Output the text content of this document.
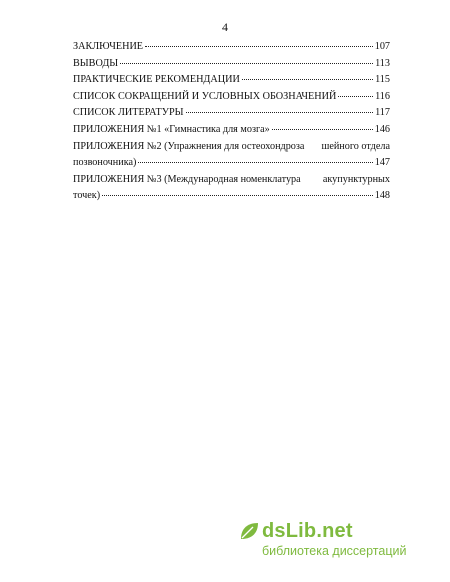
4
ЗАКЛЮЧЕНИЕ	107
ВЫВОДЫ	113
ПРАКТИЧЕСКИЕ РЕКОМЕНДАЦИИ	115
СПИСОК СОКРАЩЕНИЙ И УСЛОВНЫХ ОБОЗНАЧЕНИЙ	116
СПИСОК ЛИТЕРАТУРЫ	117
ПРИЛОЖЕНИЯ №1 «Гимнастика для мозга»	146
ПРИЛОЖЕНИЯ №2 (Упражнения для остеохондроза шейного отдела
позвоночника)	147
ПРИЛОЖЕНИЯ №3 (Международная номенклатура акупунктурных
точек)	148
dsLib.net
библиотека диссертаций
